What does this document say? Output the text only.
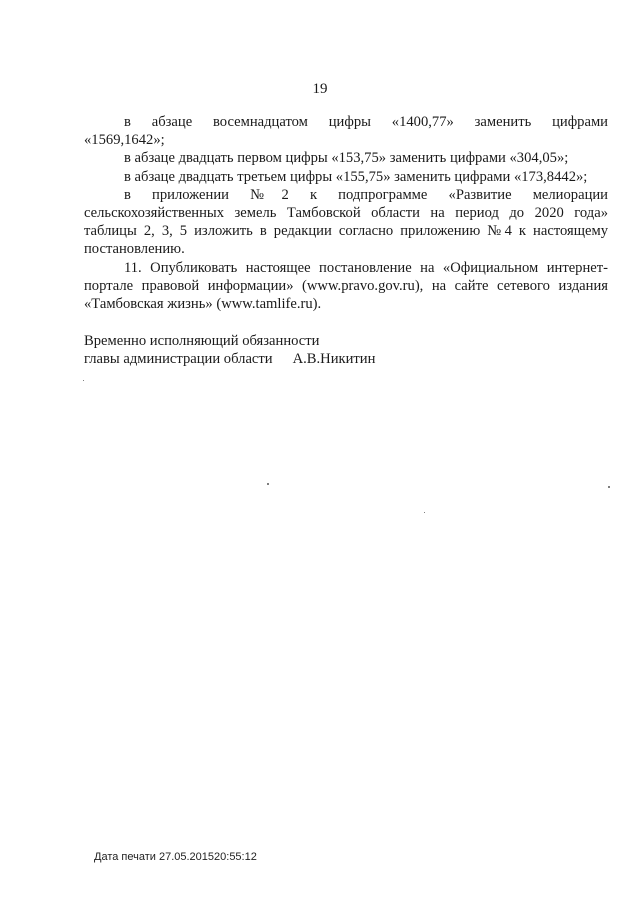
19

в абзаце восемнадцатом цифры «1400,77» заменить цифрами

«1569,1642»;

в абзаце двадцать первом цифры «153,75» заменить цифрами «304,05»;

в абзаце двадцать третьем цифры «155,75» заменить цифрами «173,8442»;

в приложении №2 к подпрограмме «Развитие мелиорации сельскохозяйственных земель Тамбовской области на период до 2020 года» таблицы 2, 3, 5 изложить в редакции согласно приложению №4 к настоящему постановлению.

11. Опубликовать настоящее постановление на «Официальном интернет-портале правовой информации» (www.pravo.gov.ru), на сайте сетевого издания «Тамбовская жизнь» (www.tamlife.ru).

Временно исполняющий обязанности
главы администрации области А.В.Никитин
Дата печати 27.05.201520:55:12
